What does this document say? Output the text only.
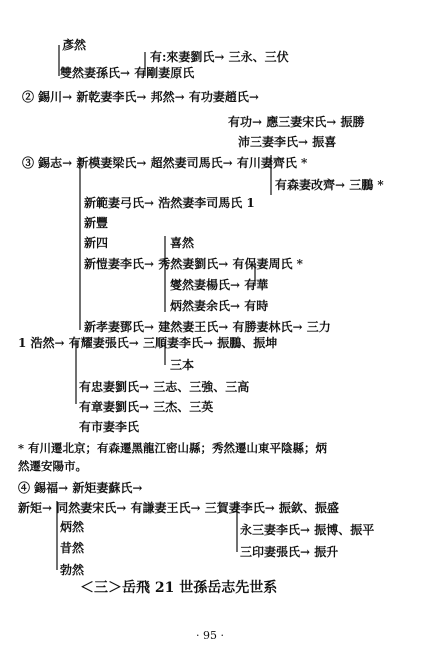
彥然
有:來妻劉氏→ 三永、三伏
雙然妻孫氏→ 有剛妻原氏
② 錫川→ 新乾妻李氏→ 邦然→ 有功妻趙氏→
有功→ 應三妻宋氏→ 振勝
沛三妻李氏→ 振喜
③ 錫志→ 新模妻梁氏→ 超然妻司馬氏→ 有川妻齊氏 *
有森妻改齊→ 三鵬 *
新範妻弓氏→ 浩然妻李司馬氏 1
新豐
新四	喜然
新愷妻李氏→ 秀然妻劉氏→ 有保妻周氏 *
燮然妻楊氏→ 有華
炳然妻余氏→ 有時
新孝妻鄧氏→ 建然妻王氏→ 有勝妻林氏→ 三力
1 浩然→ 有耀妻張氏→ 三順妻李氏→ 振鵬、振坤
三本
有忠妻劉氏→ 三志、三強、三高
有章妻劉氏→ 三杰、三英
有市妻李氏
* 有川遷北京；有森遷黑龍江密山縣；秀然遷山東平陰縣；炳
然遷安陽市。
④ 錫福→ 新矩妻蘇氏→
新矩→ 同然妻宋氏→ 有謙妻王氏→ 三賀妻李氏→ 振欽、振盛
炳然	永三妻李氏→ 振博、振平
昔然	三印妻張氏→ 振升
勃然
＜三＞岳飛 21 世孫岳志先世系
· 95 ·
